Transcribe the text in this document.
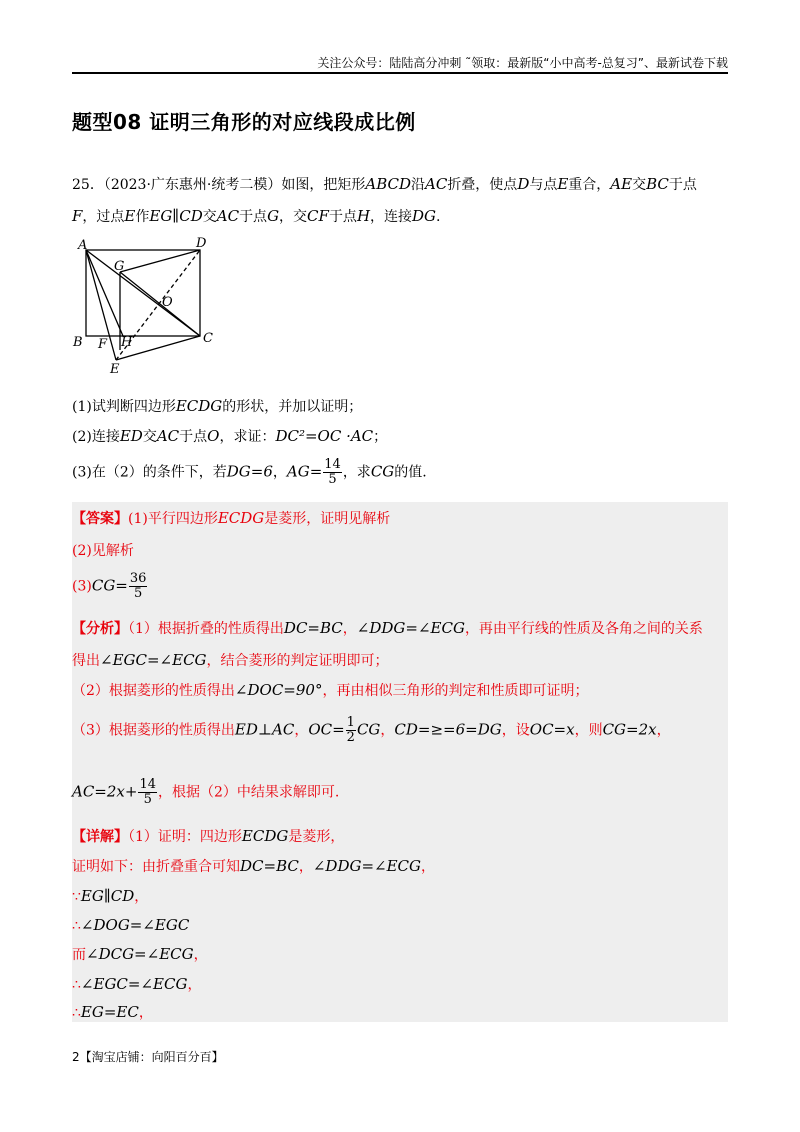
关注公众号：陆陆高分冲刺 ˜领取：最新版“小中高考-总复习”、最新试卷下载
题型08 证明三角形的对应线段成比例
25．（2023·广东惠州·统考二模）如图，把矩形ABCD沿AC折叠，使点D与点E重合，AE交BC于点
F，过点E作EG∥CD交AC于点G，交CF于点H，连接DG.
A	D
G
O
B F H	C
E
(1)试判断四边形ECDG的形状，并加以证明；
(2)连接ED交AC于点O，求证：DC²=OC ·AC；
(3)在（2）的条件下，若DG=6，$AG= \frac{14}{5}$ ，求CG的值.
【答案】(1)平行四边形ECDG是菱形，证明见解析
(2)见解析
$(3)CG= \frac{36}{5}$
【分析】（1）根据折叠的性质得出DC=BC，∠DDG=∠ECG，再由平行线的性质及各角之间的关系
得出∠EGC=∠ECG，结合菱形的判定证明即可；
（2）根据菱形的性质得出∠DOC=90°，再由相似三角形的判定和性质即可证明；
（3）根据菱形的性质得出ED⊥AC，$OC= \frac{1}{2}$ CG，CD=≥=6=DG，设OC=x，则CG=2x，
$AC=2x+ \frac{14}{5}$ ，根据（2）中结果求解即可.
【详解】（1）证明：四边形ECDG是菱形，
证明如下：由折叠重合可知DC=BC，∠DDG=∠ECG，
∵EG∥CD，
∴∠DOG=∠EGC
而∠DCG=∠ECG，
∴∠EGC=∠ECG，
∴EG=EC，
2【淘宝店铺：向阳百分百】
